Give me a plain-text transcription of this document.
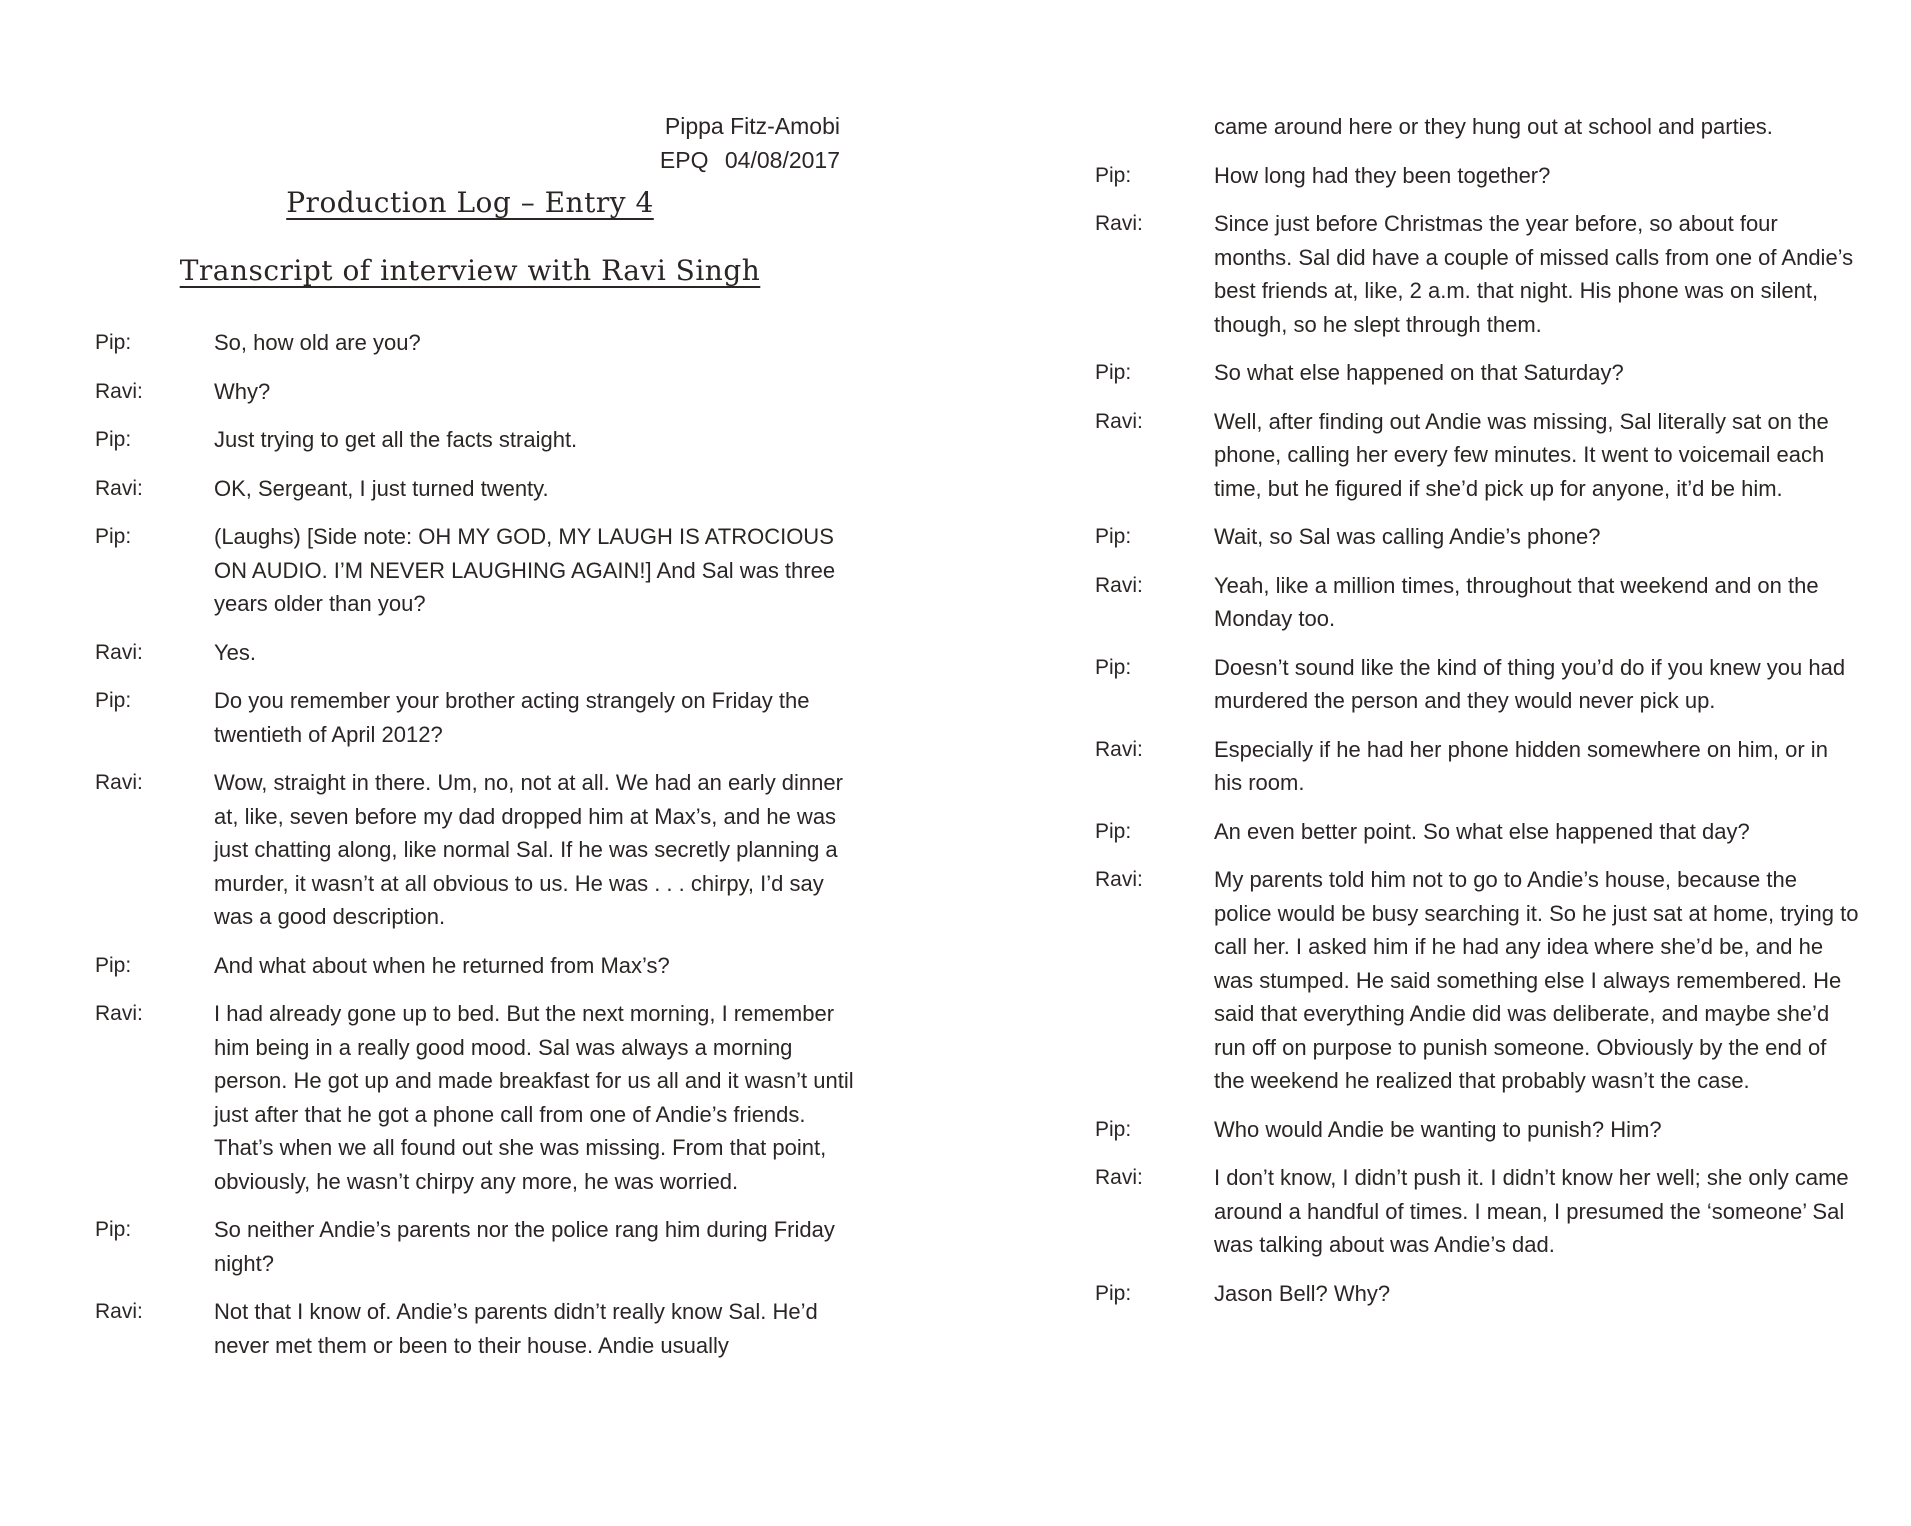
Pippa Fitz-Amobi
EPQ 04/08/2017
Production Log – Entry 4
Transcript of interview with Ravi Singh
Pip:	So, how old are you?
Ravi:	Why?
Pip:	Just trying to get all the facts straight.
Ravi:	OK, Sergeant, I just turned twenty.
Pip:	(Laughs) [Side note: OH MY GOD, MY LAUGH IS ATROCIOUS ON AUDIO. I’M NEVER LAUGHING AGAIN!] And Sal was three years older than you?
Ravi:	Yes.
Pip:	Do you remember your brother acting strangely on Friday the twentieth of April 2012?
Ravi:	Wow, straight in there. Um, no, not at all. We had an early dinner at, like, seven before my dad dropped him at Max’s, and he was just chatting along, like normal Sal. If he was secretly planning a murder, it wasn’t at all obvious to us. He was . . . chirpy, I’d say was a good description.
Pip:	And what about when he returned from Max’s?
Ravi:	I had already gone up to bed. But the next morning, I remember him being in a really good mood. Sal was always a morning person. He got up and made breakfast for us all and it wasn’t until just after that he got a phone call from one of Andie’s friends. That’s when we all found out she was missing. From that point, obviously, he wasn’t chirpy any more, he was worried.
Pip:	So neither Andie’s parents nor the police rang him during Friday night?
Ravi:	Not that I know of. Andie’s parents didn’t really know Sal. He’d never met them or been to their house. Andie usually
came around here or they hung out at school and parties.
Pip:	How long had they been together?
Ravi:	Since just before Christmas the year before, so about four months. Sal did have a couple of missed calls from one of Andie’s best friends at, like, 2 a.m. that night. His phone was on silent, though, so he slept through them.
Pip:	So what else happened on that Saturday?
Ravi:	Well, after finding out Andie was missing, Sal literally sat on the phone, calling her every few minutes. It went to voicemail each time, but he figured if she’d pick up for anyone, it’d be him.
Pip:	Wait, so Sal was calling Andie’s phone?
Ravi:	Yeah, like a million times, throughout that weekend and on the Monday too.
Pip:	Doesn’t sound like the kind of thing you’d do if you knew you had murdered the person and they would never pick up.
Ravi:	Especially if he had her phone hidden somewhere on him, or in his room.
Pip:	An even better point. So what else happened that day?
Ravi:	My parents told him not to go to Andie’s house, because the police would be busy searching it. So he just sat at home, trying to call her. I asked him if he had any idea where she’d be, and he was stumped. He said something else I always remembered. He said that everything Andie did was deliberate, and maybe she’d run off on purpose to punish someone. Obviously by the end of the weekend he realized that probably wasn’t the case.
Pip:	Who would Andie be wanting to punish? Him?
Ravi:	I don’t know, I didn’t push it. I didn’t know her well; she only came around a handful of times. I mean, I presumed the ‘someone’ Sal was talking about was Andie’s dad.
Pip:	Jason Bell? Why?
